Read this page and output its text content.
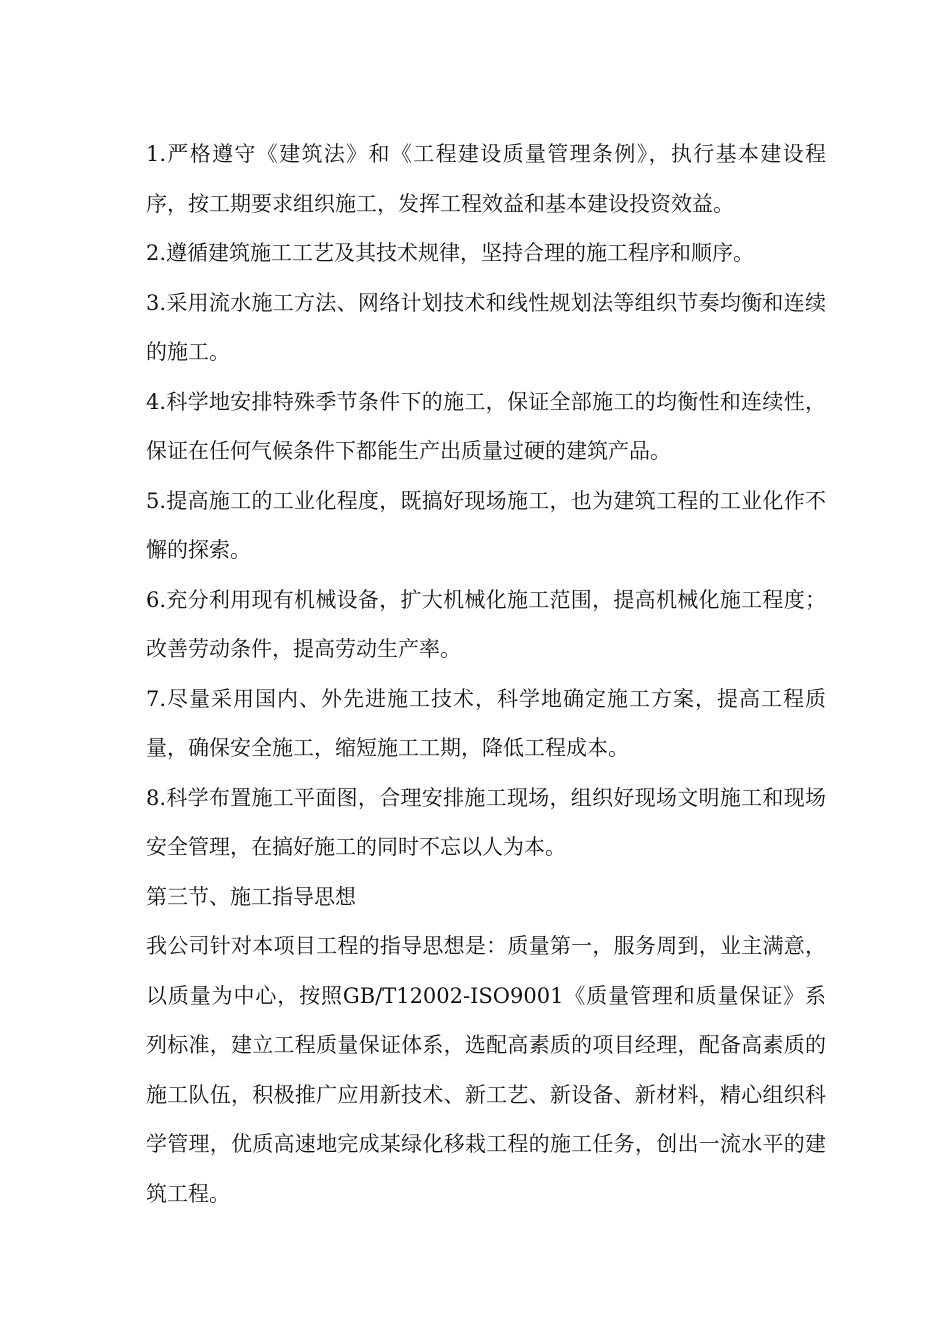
1.严格遵守《建筑法》和《工程建设质量管理条例》，执行基本建设程序，按工期要求组织施工，发挥工程效益和基本建设投资效益。

2.遵循建筑施工工艺及其技术规律，坚持合理的施工程序和顺序。

3.采用流水施工方法、网络计划技术和线性规划法等组织节奏均衡和连续的施工。

4.科学地安排特殊季节条件下的施工，保证全部施工的均衡性和连续性，保证在任何气候条件下都能生产出质量过硬的建筑产品。

5.提高施工的工业化程度，既搞好现场施工，也为建筑工程的工业化作不懈的探索。

6.充分利用现有机械设备，扩大机械化施工范围，提高机械化施工程度；改善劳动条件，提高劳动生产率。

7.尽量采用国内、外先进施工技术，科学地确定施工方案，提高工程质量，确保安全施工，缩短施工工期，降低工程成本。

8.科学布置施工平面图，合理安排施工现场，组织好现场文明施工和现场安全管理，在搞好施工的同时不忘以人为本。

第三节、施工指导思想

我公司针对本项目工程的指导思想是：质量第一，服务周到，业主满意，以质量为中心，按照GB/T12002-ISO9001《质量管理和质量保证》系列标准，建立工程质量保证体系，选配高素质的项目经理，配备高素质的施工队伍，积极推广应用新技术、新工艺、新设备、新材料，精心组织科学管理，优质高速地完成某绿化移栽工程的施工任务，创出一流水平的建筑工程。
